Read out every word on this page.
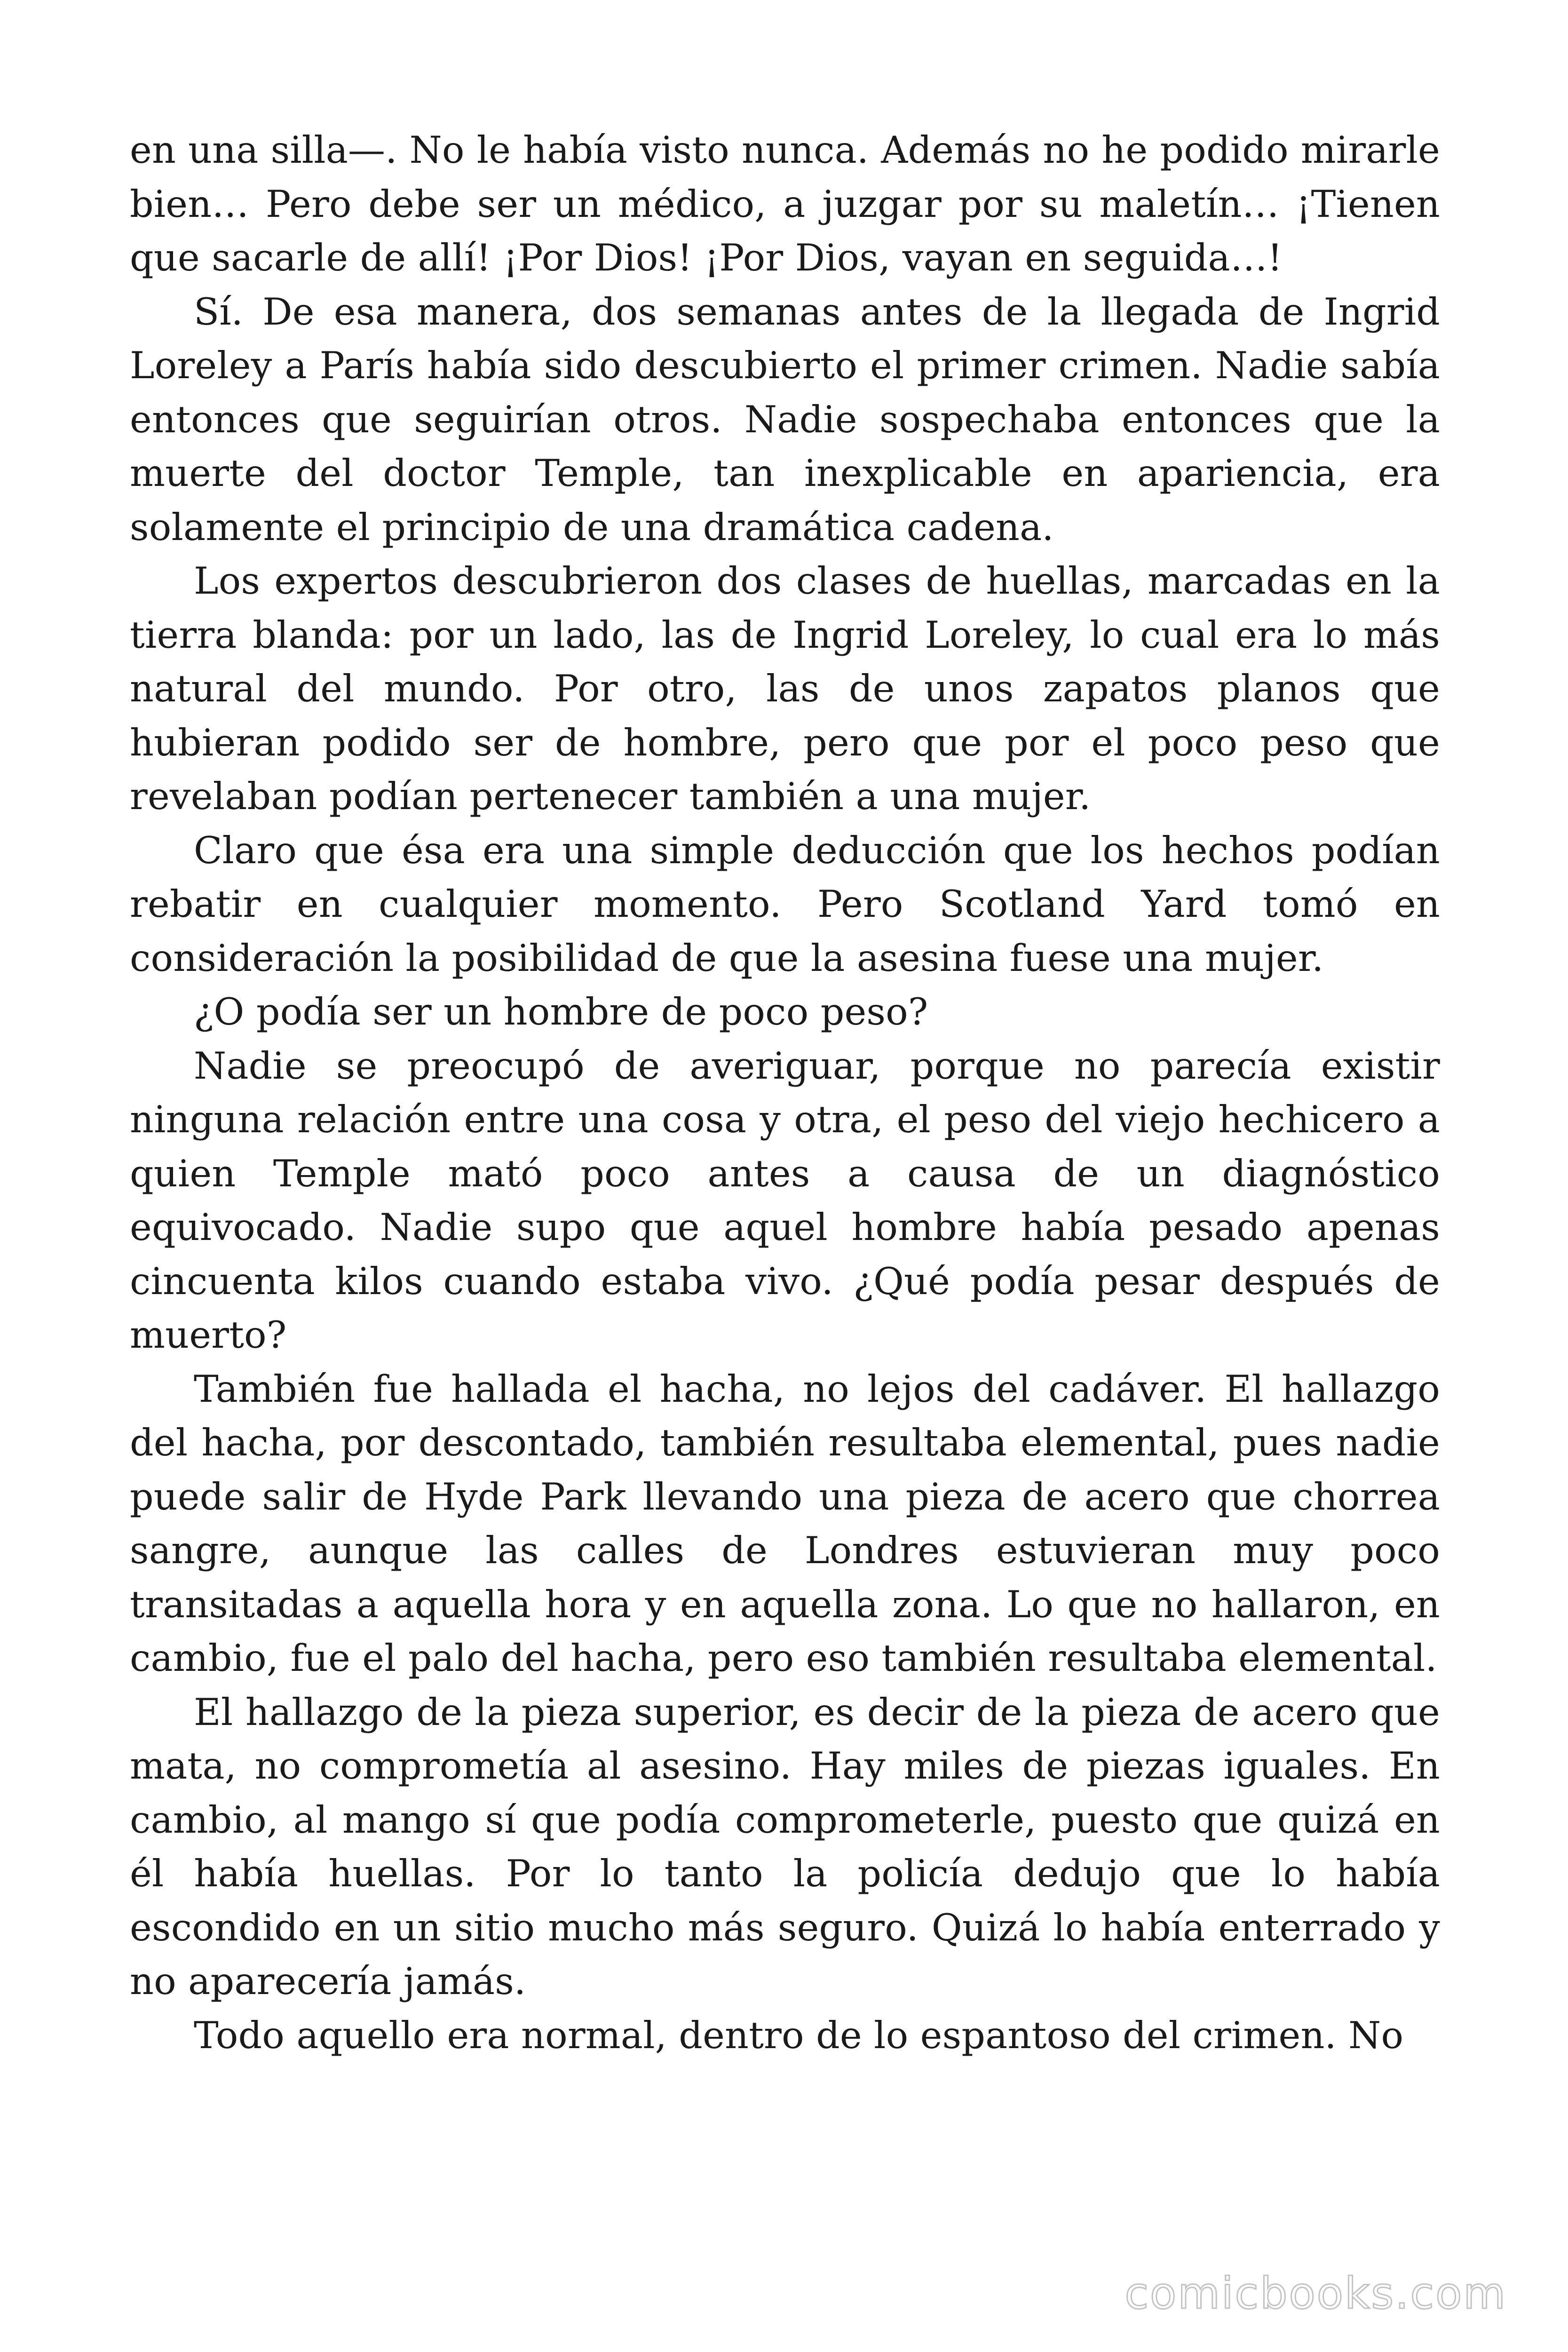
en una silla—. No le había visto nunca. Además no he podido mirarle bien… Pero debe ser un médico, a juzgar por su maletín… ¡Tienen que sacarle de allí! ¡Por Dios! ¡Por Dios, vayan en seguida…!

Sí. De esa manera, dos semanas antes de la llegada de Ingrid Loreley a París había sido descubierto el primer crimen. Nadie sabía entonces que seguirían otros. Nadie sospechaba entonces que la muerte del doctor Temple, tan inexplicable en apariencia, era solamente el principio de una dramática cadena.

Los expertos descubrieron dos clases de huellas, marcadas en la tierra blanda: por un lado, las de Ingrid Loreley, lo cual era lo más natural del mundo. Por otro, las de unos zapatos planos que hubieran podido ser de hombre, pero que por el poco peso que revelaban podían pertenecer también a una mujer.

Claro que ésa era una simple deducción que los hechos podían rebatir en cualquier momento. Pero Scotland Yard tomó en consideración la posibilidad de que la asesina fuese una mujer.

¿O podía ser un hombre de poco peso?

Nadie se preocupó de averiguar, porque no parecía existir ninguna relación entre una cosa y otra, el peso del viejo hechicero a quien Temple mató poco antes a causa de un diagnóstico equivocado. Nadie supo que aquel hombre había pesado apenas cincuenta kilos cuando estaba vivo. ¿Qué podía pesar después de muerto?

También fue hallada el hacha, no lejos del cadáver. El hallazgo del hacha, por descontado, también resultaba elemental, pues nadie puede salir de Hyde Park llevando una pieza de acero que chorrea sangre, aunque las calles de Londres estuvieran muy poco transitadas a aquella hora y en aquella zona. Lo que no hallaron, en cambio, fue el palo del hacha, pero eso también resultaba elemental.

El hallazgo de la pieza superior, es decir de la pieza de acero que mata, no comprometía al asesino. Hay miles de piezas iguales. En cambio, al mango sí que podía comprometerle, puesto que quizá en él había huellas. Por lo tanto la policía dedujo que lo había escondido en un sitio mucho más seguro. Quizá lo había enterrado y no aparecería jamás.

Todo aquello era normal, dentro de lo espantoso del crimen. No

comicbooks.com
